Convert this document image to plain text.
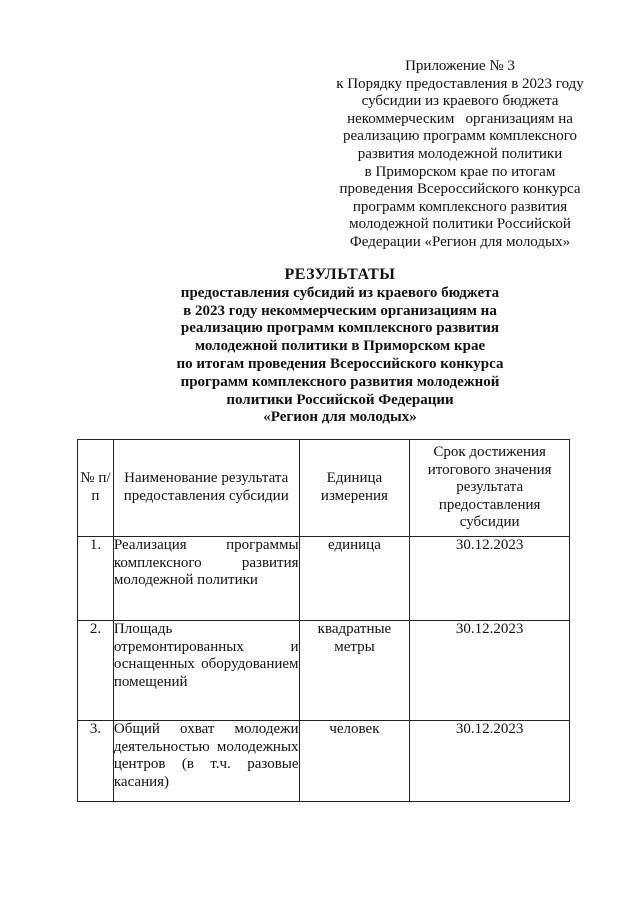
Приложение № 3
к Порядку предоставления в 2023 году
субсидии из краевого бюджета
некоммерческим   организациям на
реализацию программ комплексного
развития молодежной политики
в Приморском крае по итогам
проведения Всероссийского конкурса
программ комплексного развития
молодежной политики Российской
Федерации «Регион для молодых»
РЕЗУЛЬТАТЫ
предоставления субсидий из краевого бюджета
в 2023 году некоммерческим организациям на
реализацию программ комплексного развития
молодежной политики в Приморском крае
по итогам проведения Всероссийского конкурса
программ комплексного развития молодежной
политики Российской Федерации
«Регион для молодых»
№ п/п	Наименование результата предоставления субсидии	Единица измерения	Срок достижения итогового значения результата предоставления субсидии
1.	Реализация программы комплексного развития молодежной политики	единица	30.12.2023
2.	Площадь отремонтированных и оснащенных оборудованием помещений	квадратные метры	30.12.2023
3.	Общий охват молодежи деятельностью молодежных центров (в т.ч. разовые касания)	человек	30.12.2023
